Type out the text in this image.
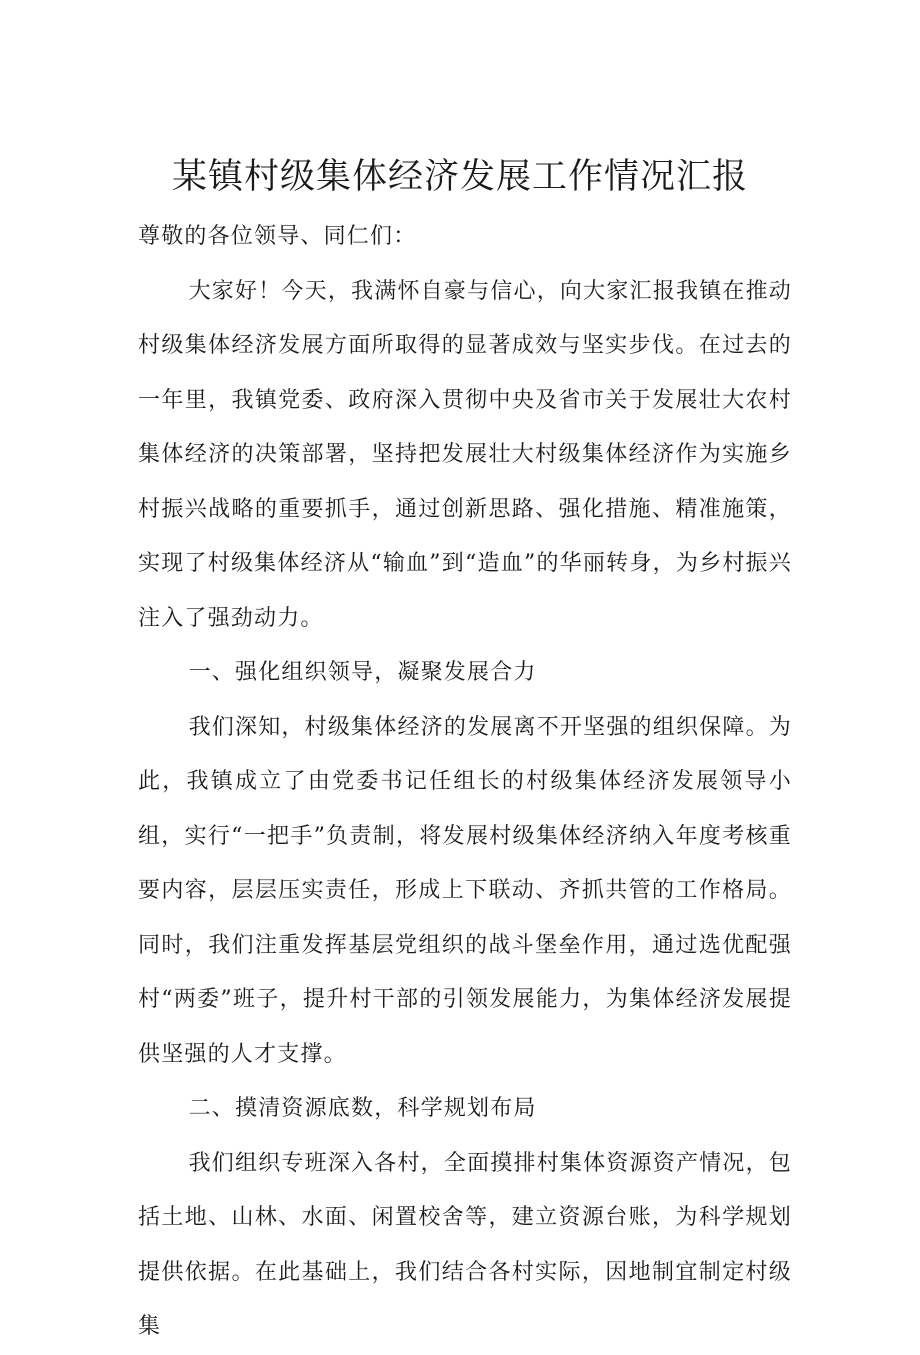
某镇村级集体经济发展工作情况汇报

尊敬的各位领导、同仁们：

大家好！今天，我满怀自豪与信心，向大家汇报我镇在推动村级集体经济发展方面所取得的显著成效与坚实步伐。在过去的一年里，我镇党委、政府深入贯彻中央及省市关于发展壮大农村集体经济的决策部署，坚持把发展壮大村级集体经济作为实施乡村振兴战略的重要抓手，通过创新思路、强化措施、精准施策，实现了村级集体经济从“输血”到“造血”的华丽转身，为乡村振兴注入了强劲动力。

一、强化组织领导，凝聚发展合力

我们深知，村级集体经济的发展离不开坚强的组织保障。为此，我镇成立了由党委书记任组长的村级集体经济发展领导小组，实行“一把手”负责制，将发展村级集体经济纳入年度考核重要内容，层层压实责任，形成上下联动、齐抓共管的工作格局。同时，我们注重发挥基层党组织的战斗堡垒作用，通过选优配强村“两委”班子，提升村干部的引领发展能力，为集体经济发展提供坚强的人才支撑。

二、摸清资源底数，科学规划布局

我们组织专班深入各村，全面摸排村集体资源资产情况，包括土地、山林、水面、闲置校舍等，建立资源台账，为科学规划提供依据。在此基础上，我们结合各村实际，因地制宜制定村级集
